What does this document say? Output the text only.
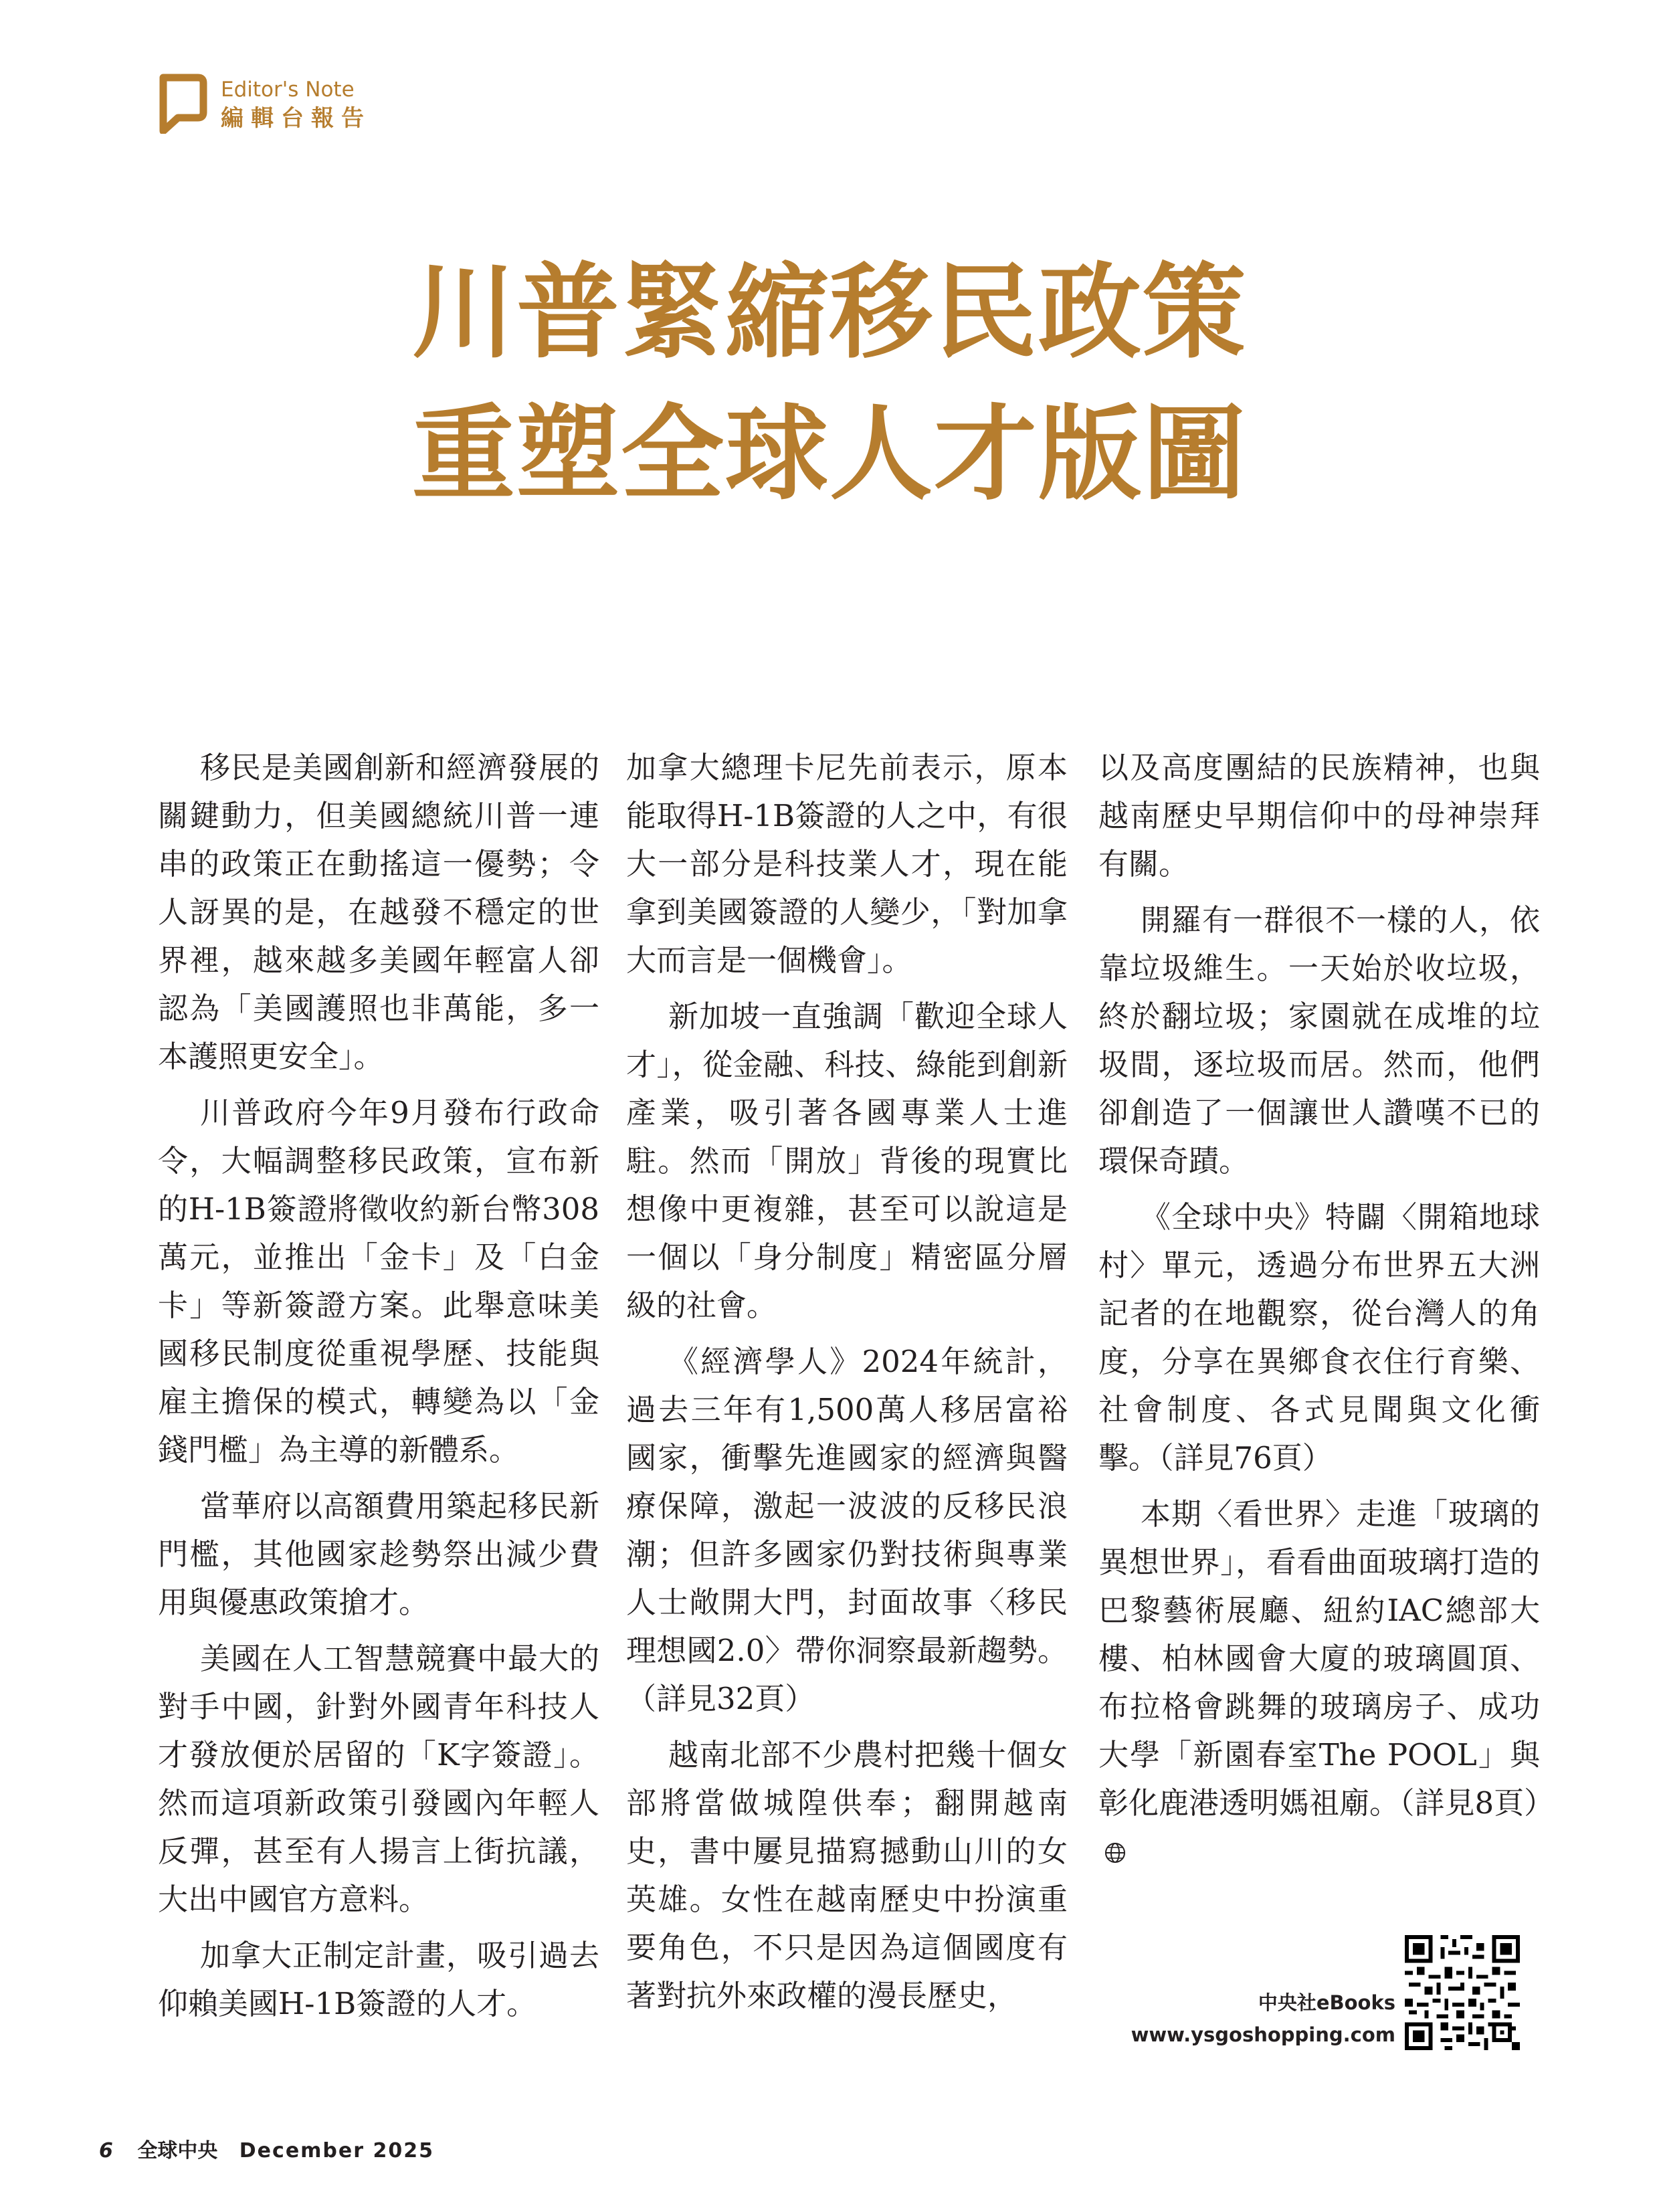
Editor's Note
編輯台報告
川普緊縮移民政策
重塑全球人才版圖

移民是美國創新和經濟發展的關鍵動力，但美國總統川普一連串的政策正在動搖這一優勢；令人訝異的是，在越發不穩定的世界裡，越來越多美國年輕富人卻認為「美國護照也非萬能，多一本護照更安全」。

川普政府今年9月發布行政命令，大幅調整移民政策，宣布新的H-1B簽證將徵收約新台幣308萬元，並推出「金卡」及「白金卡」等新簽證方案。此舉意味美國移民制度從重視學歷、技能與雇主擔保的模式，轉變為以「金錢門檻」為主導的新體系。

當華府以高額費用築起移民新門檻，其他國家趁勢祭出減少費用與優惠政策搶才。

美國在人工智慧競賽中最大的對手中國，針對外國青年科技人才發放便於居留的「K字簽證」。然而這項新政策引發國內年輕人反彈，甚至有人揚言上街抗議，大出中國官方意料。

加拿大正制定計畫，吸引過去仰賴美國H-1B簽證的人才。

加拿大總理卡尼先前表示，原本能取得H-1B簽證的人之中，有很大一部分是科技業人才，現在能拿到美國簽證的人變少，「對加拿大而言是一個機會」。

新加坡一直強調「歡迎全球人才」，從金融、科技、綠能到創新產業，吸引著各國專業人士進駐。然而「開放」背後的現實比想像中更複雜，甚至可以說這是一個以「身分制度」精密區分層級的社會。

《經濟學人》2024年統計，過去三年有1,500萬人移居富裕國家，衝擊先進國家的經濟與醫療保障，激起一波波的反移民浪潮；但許多國家仍對技術與專業人士敞開大門，封面故事〈移民理想國2.0〉帶你洞察最新趨勢。（詳見32頁）

越南北部不少農村把幾十個女部將當做城隍供奉；翻開越南史，書中屢見描寫撼動山川的女英雄。女性在越南歷史中扮演重要角色，不只是因為這個國度有著對抗外來政權的漫長歷史，

以及高度團結的民族精神，也與越南歷史早期信仰中的母神崇拜有關。

開羅有一群很不一樣的人，依靠垃圾維生。一天始於收垃圾，終於翻垃圾；家園就在成堆的垃圾間，逐垃圾而居。然而，他們卻創造了一個讓世人讚嘆不已的環保奇蹟。

《全球中央》特闢〈開箱地球村〉單元，透過分布世界五大洲記者的在地觀察，從台灣人的角度，分享在異鄉食衣住行育樂、社會制度、各式見聞與文化衝擊。（詳見76頁）

本期〈看世界〉走進「玻璃的異想世界」，看看曲面玻璃打造的巴黎藝術展廳、紐約IAC總部大樓、柏林國會大廈的玻璃圓頂、布拉格會跳舞的玻璃房子、成功大學「新園春室The POOL」與彰化鹿港透明媽祖廟。（詳見8頁）

中央社eBooks
www.ysgoshopping.com
6 全球中央 December 2025
